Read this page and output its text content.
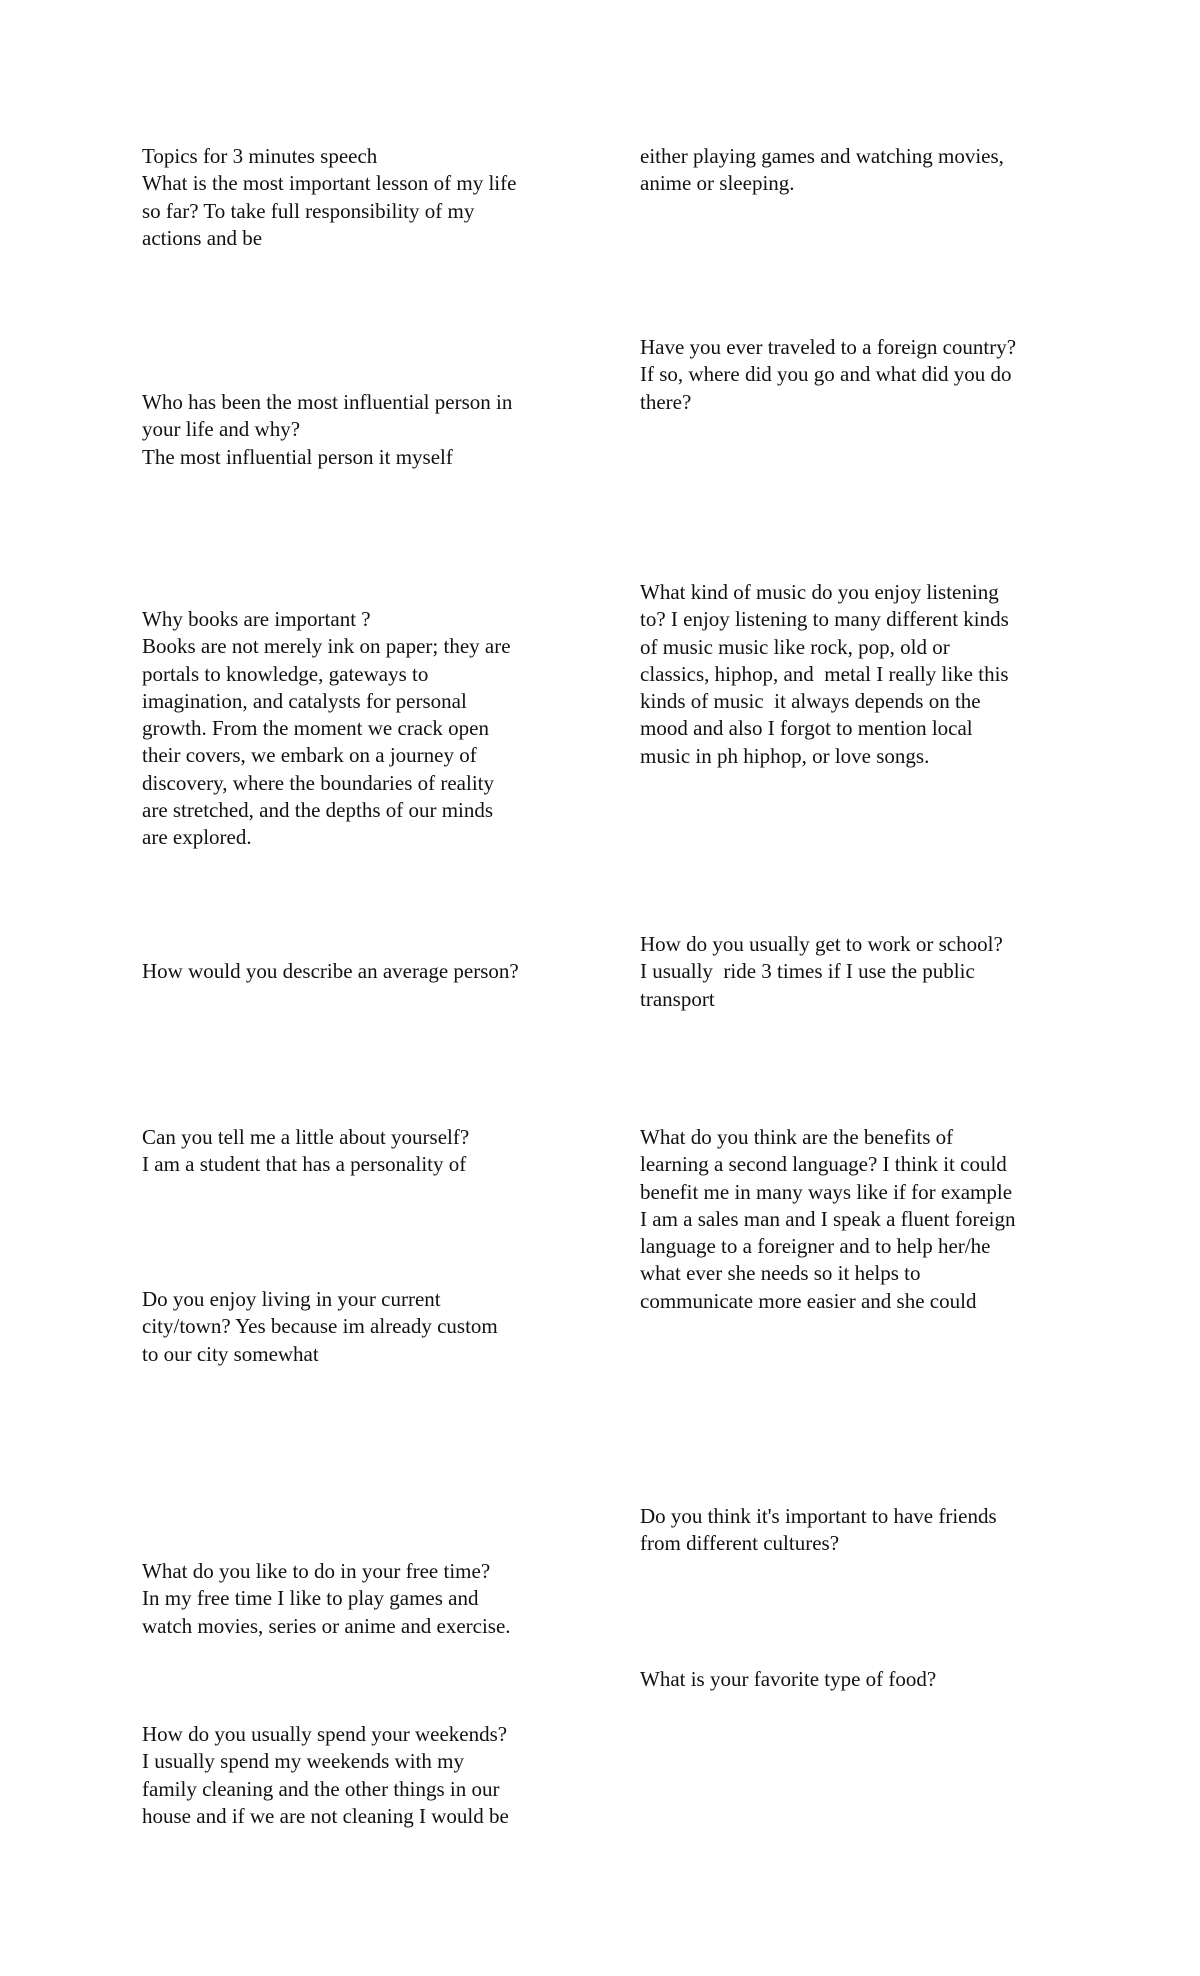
Topics for 3 minutes speech
What is the most important lesson of my life
so far? To take full responsibility of my
actions and be
Who has been the most influential person in
your life and why?
The most influential person it myself
Why books are important ?
Books are not merely ink on paper; they are
portals to knowledge, gateways to
imagination, and catalysts for personal
growth. From the moment we crack open
their covers, we embark on a journey of
discovery, where the boundaries of reality
are stretched, and the depths of our minds
are explored.
How would you describe an average person?
Can you tell me a little about yourself?
I am a student that has a personality of
Do you enjoy living in your current
city/town? Yes because im already custom
to our city somewhat
What do you like to do in your free time?
In my free time I like to play games and
watch movies, series or anime and exercise.
How do you usually spend your weekends?
I usually spend my weekends with my
family cleaning and the other things in our
house and if we are not cleaning I would be
either playing games and watching movies,
anime or sleeping.
Have you ever traveled to a foreign country?
If so, where did you go and what did you do
there?
What kind of music do you enjoy listening
to? I enjoy listening to many different kinds
of music music like rock, pop, old or
classics, hiphop, and  metal I really like this
kinds of music  it always depends on the
mood and also I forgot to mention local
music in ph hiphop, or love songs.
How do you usually get to work or school?
I usually  ride 3 times if I use the public
transport
What do you think are the benefits of
learning a second language? I think it could
benefit me in many ways like if for example
I am a sales man and I speak a fluent foreign
language to a foreigner and to help her/he
what ever she needs so it helps to
communicate more easier and she could
Do you think it's important to have friends
from different cultures?
What is your favorite type of food?
